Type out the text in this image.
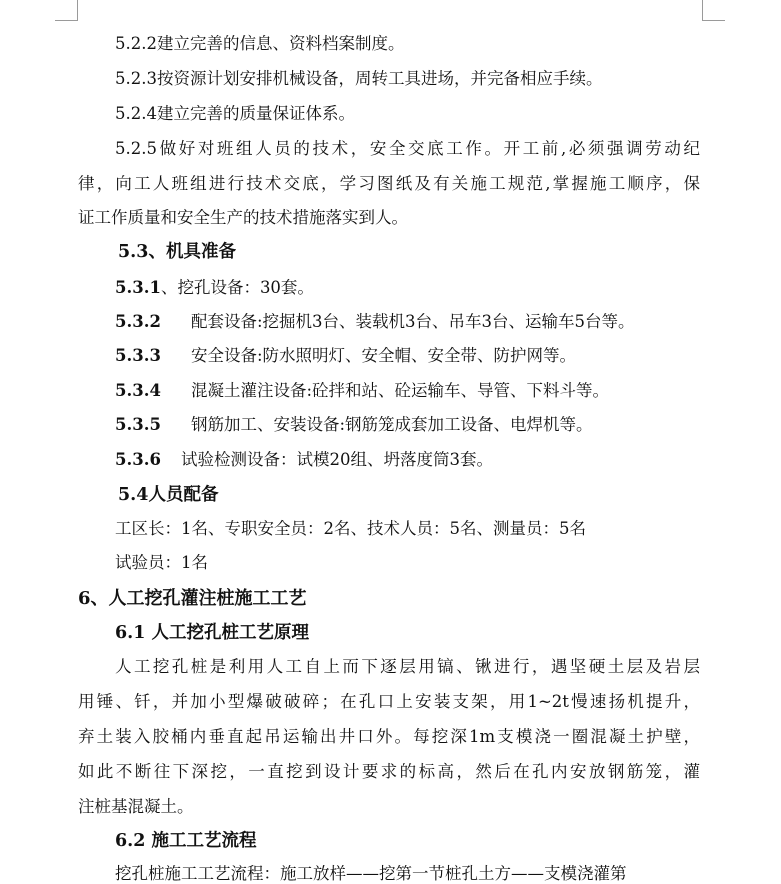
5.2.2建立完善的信息、资料档案制度。
5.2.3按资源计划安排机械设备，周转工具进场，并完备相应手续。
5.2.4建立完善的质量保证体系。
5.2.5做好对班组人员的技术，安全交底工作。开工前,必须强调劳动纪
律，向工人班组进行技术交底，学习图纸及有关施工规范,掌握施工顺序，保
证工作质量和安全生产的技术措施落实到人。
5.3、机具准备
5.3.1、挖孔设备：30套。
5.3.2 配套设备:挖掘机3台、装载机3台、吊车3台、运输车5台等。
5.3.3 安全设备:防水照明灯、安全帽、安全带、防护网等。
5.3.4 混凝土灌注设备:砼拌和站、砼运输车、导管、下料斗等。
5.3.5 钢筋加工、安装设备:钢筋笼成套加工设备、电焊机等。
5.3.6 试验检测设备：试模20组、坍落度筒3套。
5.4人员配备
工区长：1名、专职安全员：2名、技术人员：5名、测量员：5名
试验员：1名
6、人工挖孔灌注桩施工工艺
6.1 人工挖孔桩工艺原理
人工挖孔桩是利用人工自上而下逐层用镐、锹进行，遇坚硬土层及岩层
用锤、钎，并加小型爆破破碎；在孔口上安装支架，用1~2t慢速扬机提升，
弃土装入胶桶内垂直起吊运输出井口外。每挖深1m支模浇一圈混凝土护壁，
如此不断往下深挖，一直挖到设计要求的标高，然后在孔内安放钢筋笼，灌
注桩基混凝土。
6.2 施工工艺流程
挖孔桩施工工艺流程：施工放样——挖第一节桩孔土方——支模浇灌第
